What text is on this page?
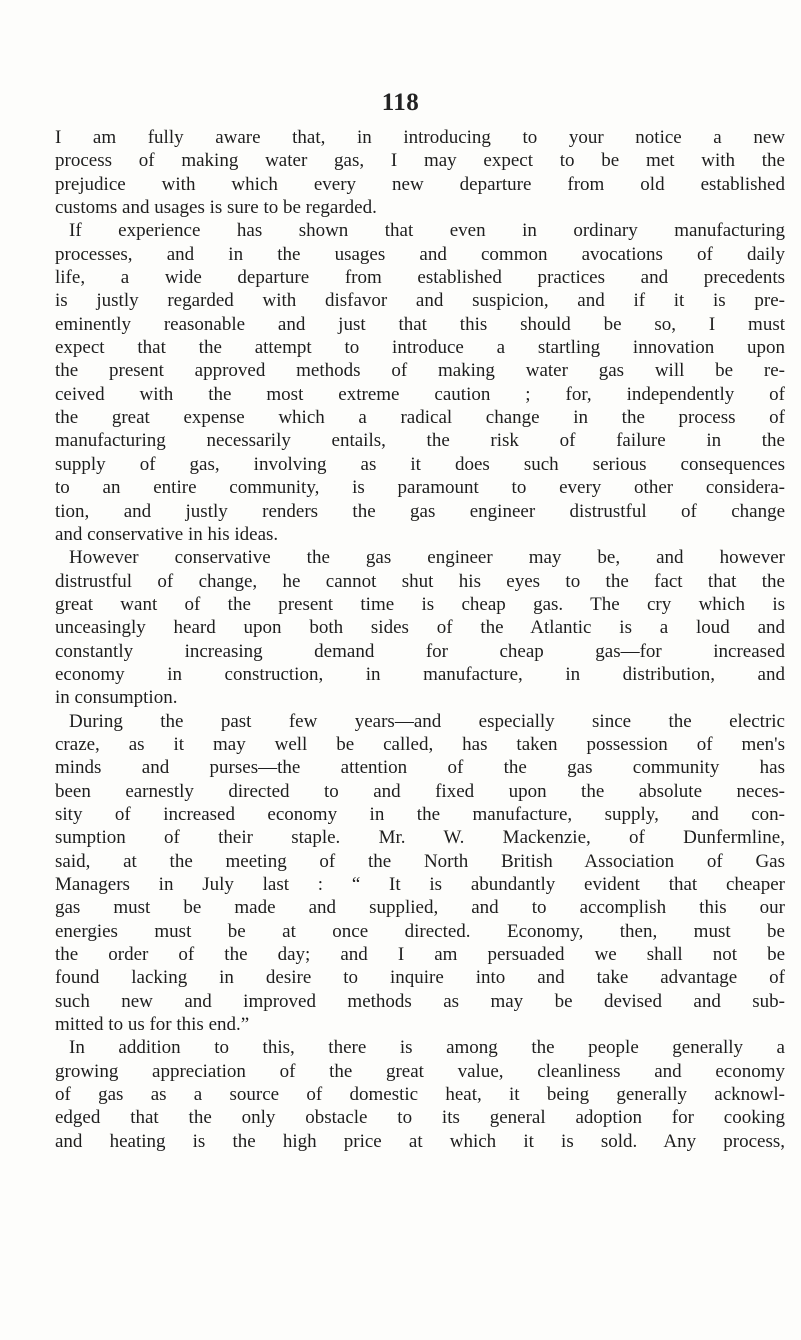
118
I am fully aware that, in introducing to your notice a new
process of making water gas, I may expect to be met with the
prejudice with which every new departure from old established
customs and usages is sure to be regarded.
If experience has shown that even in ordinary manufacturing
processes, and in the usages and common avocations of daily
life, a wide departure from established practices and precedents
is justly regarded with disfavor and suspicion, and if it is pre-
eminently reasonable and just that this should be so, I must
expect that the attempt to introduce a startling innovation upon
the present approved methods of making water gas will be re-
ceived with the most extreme caution ; for, independently of
the great expense which a radical change in the process of
manufacturing necessarily entails, the risk of failure in the
supply of gas, involving as it does such serious consequences
to an entire community, is paramount to every other considera-
tion, and justly renders the gas engineer distrustful of change
and conservative in his ideas.
However conservative the gas engineer may be, and however
distrustful of change, he cannot shut his eyes to the fact that the
great want of the present time is cheap gas. The cry which is
unceasingly heard upon both sides of the Atlantic is a loud and
constantly increasing demand for cheap gas—for increased
economy in construction, in manufacture, in distribution, and
in consumption.
During the past few years—and especially since the electric
craze, as it may well be called, has taken possession of men's
minds and purses—the attention of the gas community has
been earnestly directed to and fixed upon the absolute neces-
sity of increased economy in the manufacture, supply, and con-
sumption of their staple. Mr. W. Mackenzie, of Dunfermline,
said, at the meeting of the North British Association of Gas
Managers in July last : “ It is abundantly evident that cheaper
gas must be made and supplied, and to accomplish this our
energies must be at once directed. Economy, then, must be
the order of the day; and I am persuaded we shall not be
found lacking in desire to inquire into and take advantage of
such new and improved methods as may be devised and sub-
mitted to us for this end.”
In addition to this, there is among the people generally a
growing appreciation of the great value, cleanliness and economy
of gas as a source of domestic heat, it being generally acknowl-
edged that the only obstacle to its general adoption for cooking
and heating is the high price at which it is sold. Any process,
